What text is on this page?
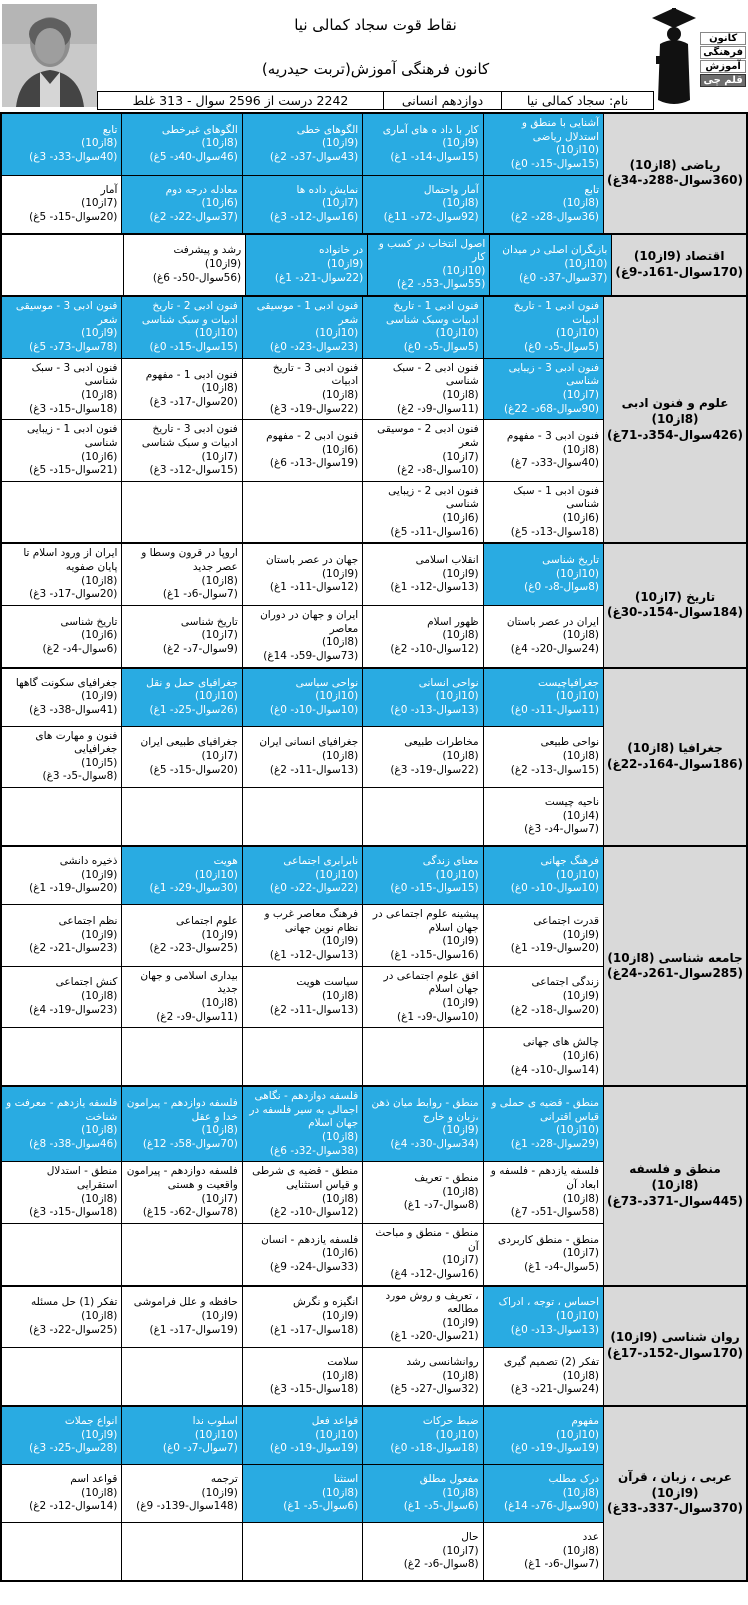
کانون
فرهنگی
آموزش
قلم چی
نقاط قوت سجاد کمالی نیا
کانون فرهنگی آموزش(تربت حیدریه)
نام: سجاد کمالی نیا
دوازدهم انسانی
2242 درست از 2596 سوال - 313 غلط
ریاضی (8از10)
(360سوال-288د-34غ)
آشنایی با منطق و استدلال ریاضی
(10از10)
(15سوال-15د- 0غ)
کار با داد ه های آماری
(9از10)
(15سوال-14د- 1غ)
الگوهای خطی
(9از10)
(43سوال-37د- 2غ)
الگوهای غیرخطی
(8از10)
(46سوال-40د- 5غ)
تابع
(8از10)
(40سوال-33د- 3غ)
تابع
(8از10)
(36سوال-28د- 2غ)
آمار واحتمال
(8از10)
(92سوال-72د- 11غ)
نمایش داده ها
(7از10)
(16سوال-12د- 3غ)
معادله درجه دوم
(6از10)
(37سوال-22د- 2غ)
آمار
(7از10)
(20سوال-15د- 5غ)
اقتصاد (9از10)
(170سوال-161د-9غ)
بازیگران اصلی در میدان
(10از10)
(37سوال-37د- 0غ)
اصول انتخاب در کسب و کار
(10از10)
(55سوال-53د- 2غ)
در خانواده
(9از10)
(22سوال-21د- 1غ)
رشد و پیشرفت
(9از10)
(56سوال-50د- 6غ)
علوم و فنون ادبی (8از10)
(426سوال-354د-71غ)
فنون ادبی 1 - تاریخ ادبیات
(10از10)
(5سوال-5د- 0غ)
فنون ادبی 1 - تاریخ ادبیات وسبک شناسی
(10از10)
(5سوال-5د- 0غ)
فنون ادبی 1 - موسیقی شعر
(10از10)
(23سوال-23د- 0غ)
فنون ادبی 2 - تاریخ ادبیات و سبک شناسی
(10از10)
(15سوال-15د- 0غ)
فنون ادبی 3 - موسیقی شعر
(9از10)
(78سوال-73د- 5غ)
فنون ادبی 3 - زیبایی شناسی
(7از10)
(90سوال-68د- 22غ)
فنون ادبی 2 - سبک شناسی
(8از10)
(11سوال-9د- 2غ)
فنون ادبی 3 - تاریخ ادبیات
(8از10)
(22سوال-19د- 3غ)
فنون ادبی 1 - مفهوم
(8از10)
(20سوال-17د- 3غ)
فنون ادبی 3 - سبک شناسی
(8از10)
(18سوال-15د- 3غ)
فنون ادبی 3 - مفهوم
(8از10)
(40سوال-33د- 7غ)
فنون ادبی 2 - موسیقی شعر
(7از10)
(10سوال-8د- 2غ)
فنون ادبی 2 - مفهوم
(6از10)
(19سوال-13د- 6غ)
فنون ادبی 3 - تاریخ ادبیات و سبک شناسی
(7از10)
(15سوال-12د- 3غ)
فنون ادبی 1 - زیبایی شناسی
(6از10)
(21سوال-15د- 5غ)
فنون ادبی 1 - سبک شناسی
(6از10)
(18سوال-13د- 5غ)
فنون ادبی 2 - زیبایی شناسی
(6از10)
(16سوال-11د- 5غ)
تاریخ (7از10)
(184سوال-154د-30غ)
تاریخ شناسی
(10از10)
(8سوال-8د- 0غ)
انقلاب اسلامی
(9از10)
(13سوال-12د- 1غ)
جهان در عصر باستان
(9از10)
(12سوال-11د- 1غ)
اروپا در قرون وسطا و عصر جدید
(8از10)
(7سوال-6د- 1غ)
ایران از ورود اسلام تا پایان صفویه
(8از10)
(20سوال-17د- 3غ)
ایران در عصر باستان
(8از10)
(24سوال-20د- 4غ)
ظهور اسلام
(8از10)
(12سوال-10د- 2غ)
ایران و جهان در دوران معاصر
(8از10)
(73سوال-59د- 14غ)
تاریخ شناسی
(7از10)
(9سوال-7د- 2غ)
تاریخ شناسی
(6از10)
(6سوال-4د- 2غ)
جغرافیا (8از10)
(186سوال-164د-22غ)
جغرافیاچیست
(10از10)
(11سوال-11د- 0غ)
نواحی انسانی
(10از10)
(13سوال-13د- 0غ)
نواحی سیاسی
(10از10)
(10سوال-10د- 0غ)
جغرافیای حمل و نقل
(10از10)
(26سوال-25د- 1غ)
جغرافیای سکونت گاهها
(9از10)
(41سوال-38د- 3غ)
نواحی طبیعی
(8از10)
(15سوال-13د- 2غ)
مخاطرات طبیعی
(8از10)
(22سوال-19د- 3غ)
جغرافیای انسانی ایران
(8از10)
(13سوال-11د- 2غ)
جغرافیای طبیعی ایران
(7از10)
(20سوال-15د- 5غ)
فنون و مهارت های جغرافیایی
(5از10)
(8سوال-5د- 3غ)
ناحیه چیست
(4از10)
(7سوال-4د- 3غ)
جامعه شناسی (8از10)
(285سوال-261د-24غ)
فرهنگ جهانی
(10از10)
(10سوال-10د- 0غ)
معنای زندگی
(10از10)
(15سوال-15د- 0غ)
نابرابری اجتماعی
(10از10)
(22سوال-22د- 0غ)
هویت
(10از10)
(30سوال-29د- 1غ)
ذخیره دانشی
(9از10)
(20سوال-19د- 1غ)
قدرت اجتماعی
(9از10)
(20سوال-19د- 1غ)
پیشینه علوم اجتماعی در جهان اسلام
(9از10)
(16سوال-15د- 1غ)
فرهنگ معاصر غرب و نظام نوین جهانی
(9از10)
(13سوال-12د- 1غ)
علوم اجتماعی
(9از10)
(25سوال-23د- 2غ)
نظم اجتماعی
(9از10)
(23سوال-21د- 2غ)
زندگی اجتماعی
(9از10)
(20سوال-18د- 2غ)
افق علوم اجتماعی در جهان اسلام
(9از10)
(10سوال-9د- 1غ)
سیاست هویت
(8از10)
(13سوال-11د- 2غ)
بیداری اسلامی و جهان جدید
(8از10)
(11سوال-9د- 2غ)
کنش اجتماعی
(8از10)
(23سوال-19د- 4غ)
چالش های جهانی
(6از10)
(14سوال-10د- 4غ)
منطق و فلسفه (8از10)
(445سوال-371د-73غ)
منطق - قضیه ی حملی و قیاس اقترانی
(10از10)
(29سوال-28د- 1غ)
منطق - روابط میان ذهن ،زبان و خارج
(9از10)
(34سوال-30د- 4غ)
فلسفه دوازدهم - نگاهی اجمالی به سیر فلسفه در جهان اسلام
(8از10)
(38سوال-32د- 6غ)
فلسفه دوازدهم - پیرامون خدا و عقل
(8از10)
(70سوال-58د- 12غ)
فلسفه یازدهم - معرفت و شناخت
(8از10)
(46سوال-38د- 8غ)
فلسفه یازدهم - فلسفه و ابعاد آن
(8از10)
(58سوال-51د- 7غ)
منطق - تعریف
(8از10)
(8سوال-7د- 1غ)
منطق - قضیه ی شرطی و قیاس استثنایی
(8از10)
(12سوال-10د- 2غ)
فلسفه دوازدهم - پیرامون واقعیت و هستی
(7از10)
(78سوال-62د- 15غ)
منطق - استدلال استقرایی
(8از10)
(18سوال-15د- 3غ)
منطق - منطق کاربردی
(7از10)
(5سوال-4د- 1غ)
منطق - منطق و مباحث آن
(7از10)
(16سوال-12د- 4غ)
فلسفه یازدهم - انسان
(6از10)
(33سوال-24د- 9غ)
روان شناسی (9از10)
(170سوال-152د-17غ)
احساس ، توجه ، ادراک
(10از10)
(13سوال-13د- 0غ)
، تعریف و روش مورد مطالعه
(9از10)
(21سوال-20د- 1غ)
انگیزه و نگرش
(9از10)
(18سوال-17د- 1غ)
حافظه و علل فراموشی
(9از10)
(19سوال-17د- 1غ)
تفکر (1) حل مسئله
(8از10)
(25سوال-22د- 3غ)
تفکر (2) تصمیم گیری
(8از10)
(24سوال-21د- 3غ)
روانشانسی رشد
(8از10)
(32سوال-27د- 5غ)
سلامت
(8از10)
(18سوال-15د- 3غ)
عربی ، زبان ، قرآن (9از10)
(370سوال-337د-33غ)
مفهوم
(10از10)
(19سوال-19د- 0غ)
ضبط حرکات
(10از10)
(18سوال-18د- 0غ)
قواعد فعل
(10از10)
(19سوال-19د- 0غ)
اسلوب ندا
(10از10)
(7سوال-7د- 0غ)
انواع جملات
(9از10)
(28سوال-25د- 3غ)
درک مطلب
(8از10)
(90سوال-76د- 14غ)
مفعول مطلق
(8از10)
(6سوال-5د- 1غ)
استثنا
(8از10)
(6سوال-5د- 1غ)
ترجمه
(9از10)
(148سوال-139د- 9غ)
قواعد اسم
(8از10)
(14سوال-12د- 2غ)
عدد
(8از10)
(7سوال-6د- 1غ)
حال
(7از10)
(8سوال-6د- 2غ)
